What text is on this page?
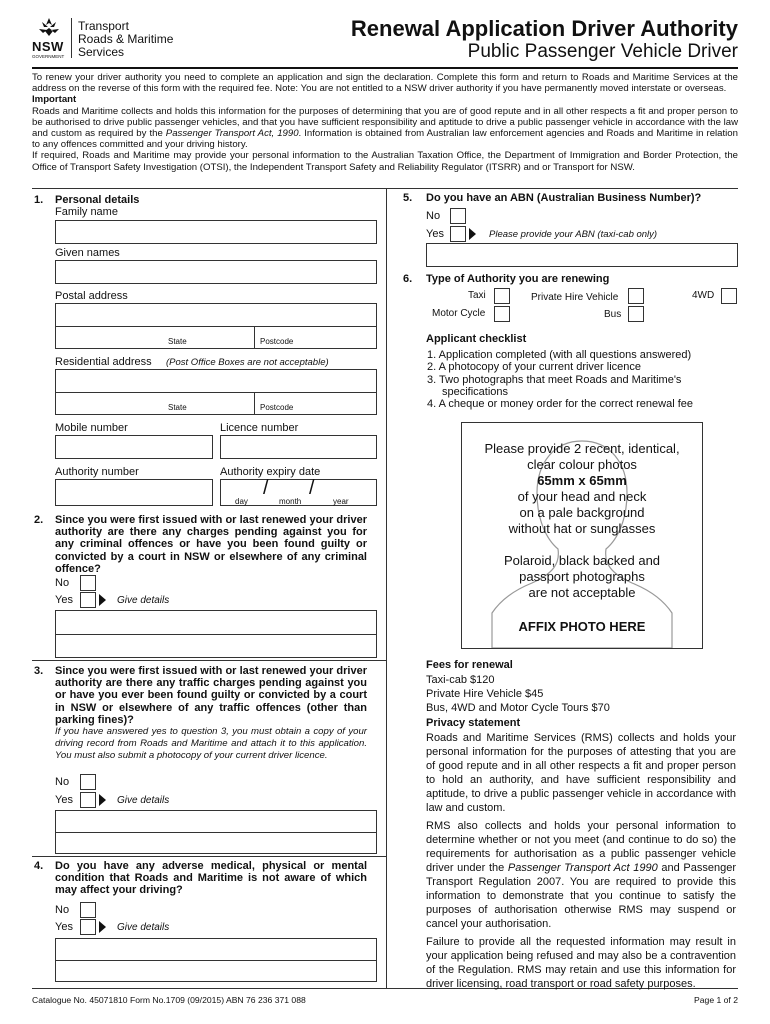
NSW
GOVERNMENT
Transport
Roads & Maritime
Services
Renewal Application Driver Authority
Public Passenger Vehicle Driver

To renew your driver authority you need to complete an application and sign the declaration. Complete this form and return to Roads and Maritime Services at the address on the reverse of this form with the required fee. Note: You are not entitled to a NSW driver authority if you have permanently moved interstate or overseas.

Important

Roads and Maritime collects and holds this information for the purposes of determining that you are of good repute and in all other respects a fit and proper person to be authorised to drive public passenger vehicles, and that you have sufficient responsibility and aptitude to drive a public passenger vehicle in accordance with the law and custom as required by the Passenger Transport Act, 1990. Information is obtained from Australian law enforcement agencies and Roads and Maritime in relation to any offences committed and your driving history.

If required, Roads and Maritime may provide your personal information to the Australian Taxation Office, the Department of Immigration and Border Protection, the Office of Transport Safety Investigation (OTSI), the Independent Transport Safety and Reliability Regulator (ITSRR) and or Transport for NSW.

1. Personal details
Family name
Given names
Postal address
State	Postcode
Residential address (Post Office Boxes are not acceptable)
State	Postcode
Mobile number	Licence number
Authority number	Authority expiry date
/ /
day	month	year
2. Since you were first issued with or last renewed your driver authority are there any charges pending against you for any criminal offences or have you been found guilty or convicted by a court in NSW or elsewhere of any criminal offence?
No
Yes	Give details
3. Since you were first issued with or last renewed your driver authority are there any traffic charges pending against you or have you ever been found guilty or convicted by a court in NSW or elsewhere of any traffic offences (other than parking fines)?
If you have answered yes to question 3, you must obtain a copy of your driving record from Roads and Maritime and attach it to this application. You must also submit a photocopy of your current driver licence.
No
Yes	Give details
4. Do you have any adverse medical, physical or mental condition that Roads and Maritime is not aware of which may affect your driving?
No
Yes	Give details
5. Do you have an ABN (Australian Business Number)?
No
Yes	Please provide your ABN (taxi-cab only)
6. Type of Authority you are renewing
Taxi	Private Hire Vehicle	4WD
Motor Cycle	Bus
Applicant checklist
1. Application completed (with all questions answered)
2. A photocopy of your current driver licence
3. Two photographs that meet Roads and Maritime's
specifications
4. A cheque or money order for the correct renewal fee
Please provide 2 recent, identical,
clear colour photos
65mm x 65mm
of your head and neck
on a pale background
without hat or sunglasses
Polaroid, black backed and
passport photographs
are not acceptable
AFFIX PHOTO HERE
Fees for renewal
Taxi-cab $120
Private Hire Vehicle $45
Bus, 4WD and Motor Cycle Tours $70
Privacy statement

Roads and Maritime Services (RMS) collects and holds your personal information for the purposes of attesting that you are of good repute and in all other respects a fit and proper person to hold an authority, and have sufficient responsibility and aptitude, to drive a public passenger vehicle in accordance with law and custom.

RMS also collects and holds your personal information to determine whether or not you meet (and continue to do so) the requirements for authorisation as a public passenger vehicle driver under the Passenger Transport Act 1990 and Passenger Transport Regulation 2007. You are required to provide this information to demonstrate that you continue to satisfy the purposes of authorisation otherwise RMS may suspend or cancel your authorisation.

Failure to provide all the requested information may result in your application being refused and may also be a contravention of the Regulation. RMS may retain and use this information for driver licensing, road transport or road safety purposes.

Catalogue No. 45071810 Form No.1709 (09/2015) ABN 76 236 371 088	Page 1 of 2
